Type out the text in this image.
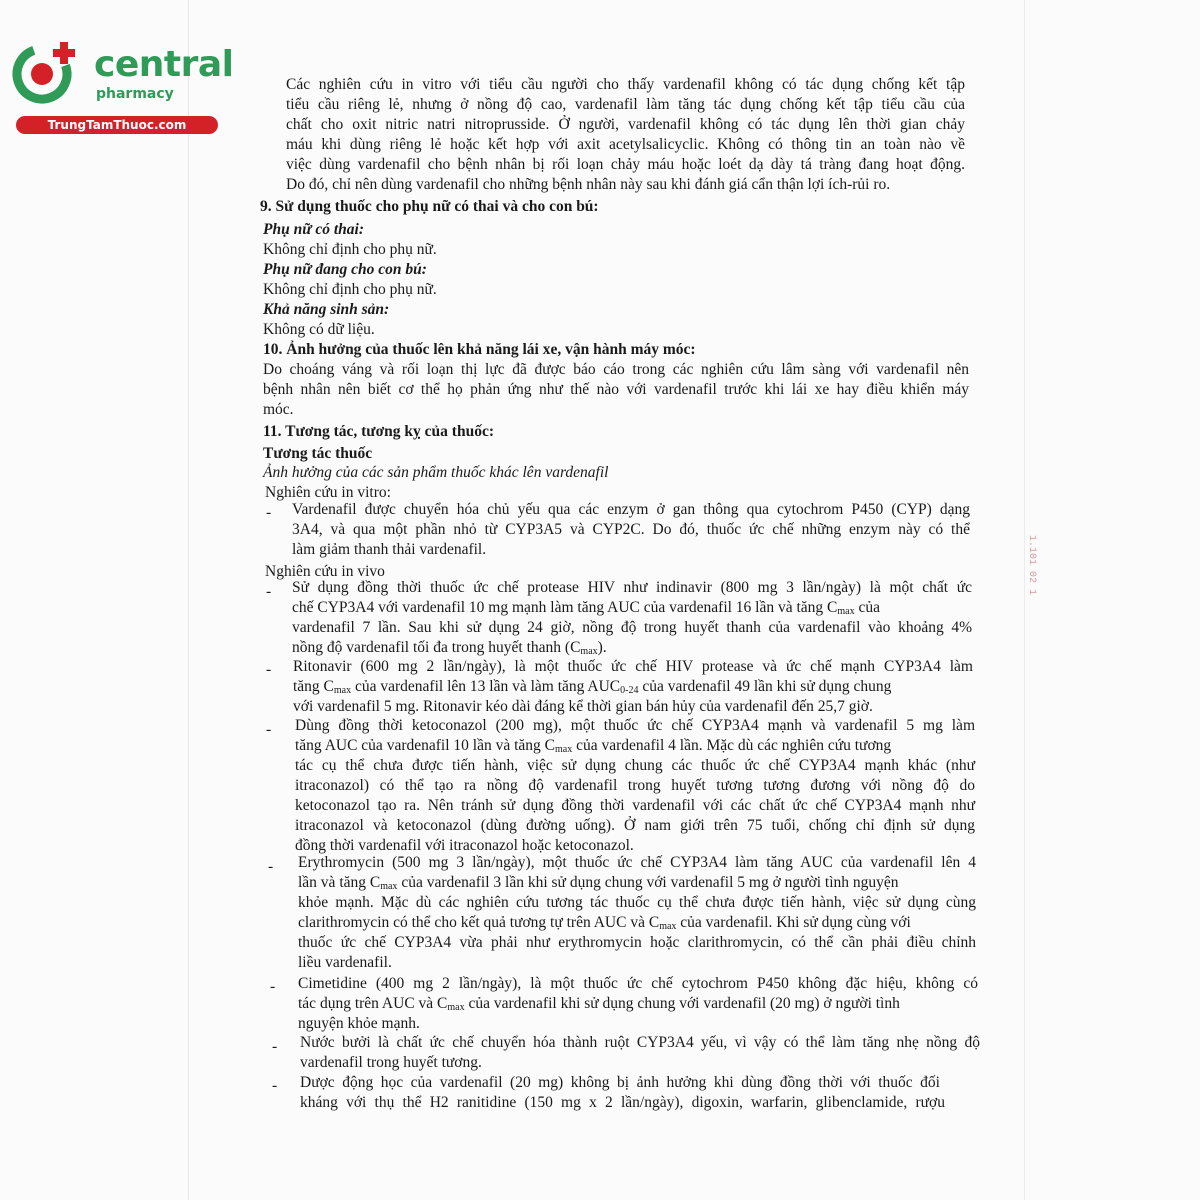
1.101 02 1
central
pharmacy
TrungTamThuoc.com
Các nghiên cứu in vitro với tiểu cầu người cho thấy vardenafil không có tác dụng chống kết tập
tiểu cầu riêng lẻ, nhưng ở nồng độ cao, vardenafil làm tăng tác dụng chống kết tập tiểu cầu của
chất cho oxit nitric natri nitroprusside. Ở người, vardenafil không có tác dụng lên thời gian chảy
máu khi dùng riêng lẻ hoặc kết hợp với axit acetylsalicyclic. Không có thông tin an toàn nào về
việc dùng vardenafil cho bệnh nhân bị rối loạn chảy máu hoặc loét dạ dày tá tràng đang hoạt động.
Do đó, chỉ nên dùng vardenafil cho những bệnh nhân này sau khi đánh giá cẩn thận lợi ích-rủi ro.
9. Sử dụng thuốc cho phụ nữ có thai và cho con bú:
Phụ nữ có thai:
Không chỉ định cho phụ nữ.
Phụ nữ đang cho con bú:
Không chỉ định cho phụ nữ.
Khả năng sinh sản:
Không có dữ liệu.
10. Ảnh hưởng của thuốc lên khả năng lái xe, vận hành máy móc:
Do choáng váng và rối loạn thị lực đã được báo cáo trong các nghiên cứu lâm sàng với vardenafil nên
bệnh nhân nên biết cơ thể họ phản ứng như thế nào với vardenafil trước khi lái xe hay điều khiển máy
móc.
11. Tương tác, tương kỵ của thuốc:
Tương tác thuốc
Ảnh hưởng của các sản phẩm thuốc khác lên vardenafil
Nghiên cứu in vitro:
- Vardenafil được chuyển hóa chủ yếu qua các enzym ở gan thông qua cytochrom P450 (CYP) dạng
3A4, và qua một phần nhỏ từ CYP3A5 và CYP2C. Do đó, thuốc ức chế những enzym này có thể
làm giảm thanh thải vardenafil.
Nghiên cứu in vivo
- Sử dụng đồng thời thuốc ức chế protease HIV như indinavir (800 mg 3 lần/ngày) là một chất ức
chế CYP3A4 với vardenafil 10 mg mạnh làm tăng AUC của vardenafil 16 lần và tăng $C_{max}$ của
vardenafil 7 lần. Sau khi sử dụng 24 giờ, nồng độ trong huyết thanh của vardenafil vào khoảng 4%
nồng độ vardenafil tối đa trong huyết thanh $(C_{max})$.
- Ritonavir (600 mg 2 lần/ngày), là một thuốc ức chế HIV protease và ức chế mạnh CYP3A4 làm
tăng $C_{max}$ của vardenafil lên 13 lần và làm tăng $AUC_{0-24}$ của vardenafil 49 lần khi sử dụng chung
với vardenafil 5 mg. Ritonavir kéo dài đáng kể thời gian bán hủy của vardenafil đến 25,7 giờ.
- Dùng đồng thời ketoconazol (200 mg), một thuốc ức chế CYP3A4 mạnh và vardenafil 5 mg làm
tăng AUC của vardenafil 10 lần và tăng $C_{max}$ của vardenafil 4 lần. Mặc dù các nghiên cứu tương
tác cụ thể chưa được tiến hành, việc sử dụng chung các thuốc ức chế CYP3A4 mạnh khác (như
itraconazol) có thể tạo ra nồng độ vardenafil trong huyết tương tương đương với nồng độ do
ketoconazol tạo ra. Nên tránh sử dụng đồng thời vardenafil với các chất ức chế CYP3A4 mạnh như
itraconazol và ketoconazol (dùng đường uống). Ở nam giới trên 75 tuổi, chống chỉ định sử dụng
đồng thời vardenafil với itraconazol hoặc ketoconazol.
- Erythromycin (500 mg 3 lần/ngày), một thuốc ức chế CYP3A4 làm tăng AUC của vardenafil lên 4
lần và tăng $C_{max}$ của vardenafil 3 lần khi sử dụng chung với vardenafil 5 mg ở người tình nguyện
khỏe mạnh. Mặc dù các nghiên cứu tương tác thuốc cụ thể chưa được tiến hành, việc sử dụng cùng
clarithromycin có thể cho kết quả tương tự trên AUC và $C_{max}$ của vardenafil. Khi sử dụng cùng với
thuốc ức chế CYP3A4 vừa phải như erythromycin hoặc clarithromycin, có thể cần phải điều chỉnh
liều vardenafil.
- Cimetidine (400 mg 2 lần/ngày), là một thuốc ức chế cytochrom P450 không đặc hiệu, không có
tác dụng trên AUC và $C_{max}$ của vardenafil khi sử dụng chung với vardenafil (20 mg) ở người tình
nguyện khỏe mạnh.
- Nước bưởi là chất ức chế chuyển hóa thành ruột CYP3A4 yếu, vì vậy có thể làm tăng nhẹ nồng độ
vardenafil trong huyết tương.
- Dược động học của vardenafil (20 mg) không bị ảnh hưởng khi dùng đồng thời với thuốc đối
kháng với thụ thể H2 ranitidine (150 mg x 2 lần/ngày), digoxin, warfarin, glibenclamide, rượu
